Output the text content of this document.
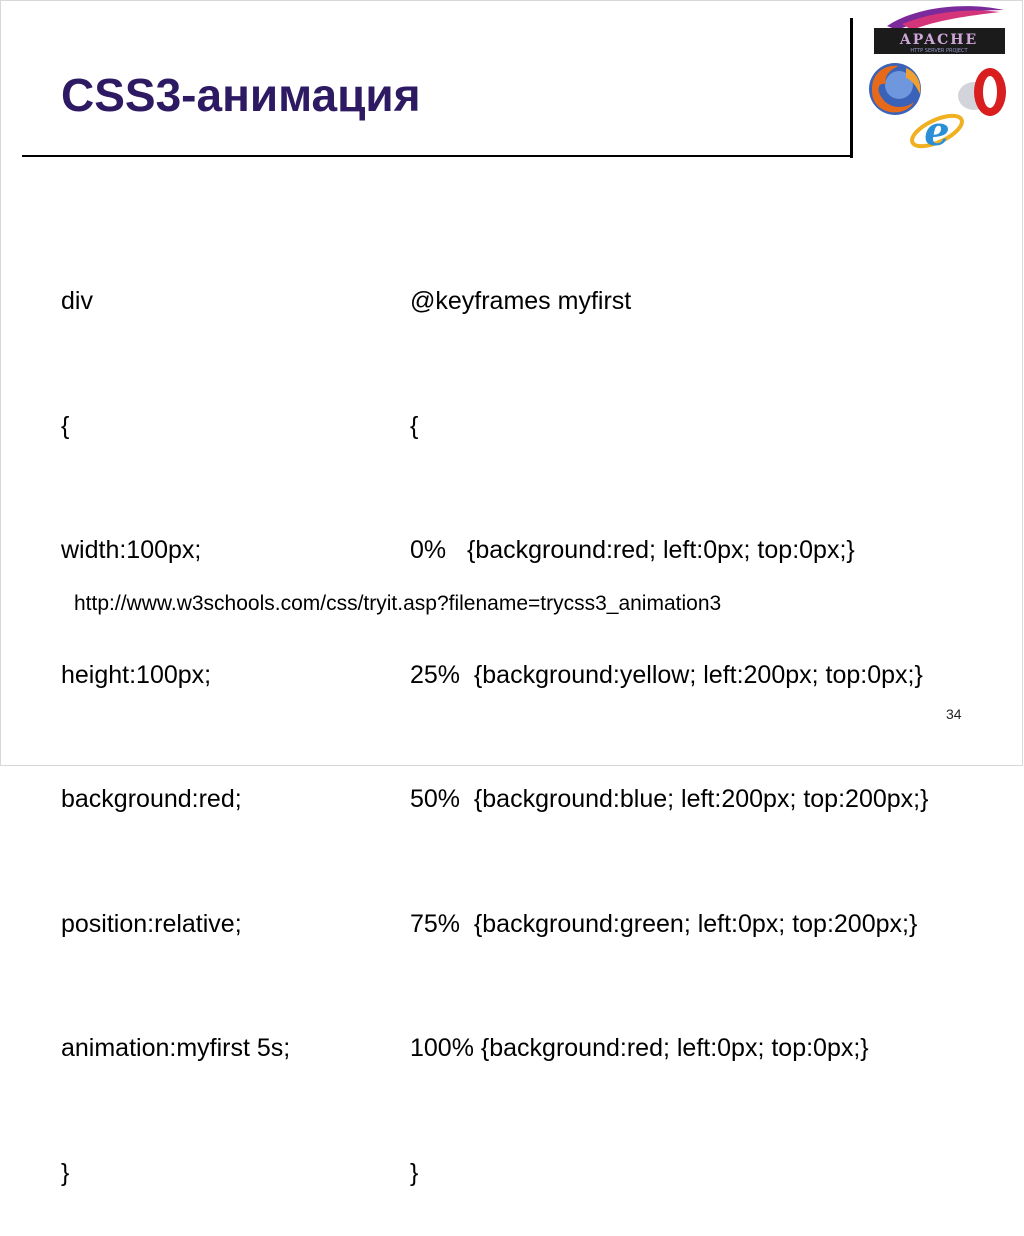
CSS3-анимация
APACHE
HTTP SERVER PROJECT
e

div

{

width:100px;

height:100px;

background:red;

position:relative;

animation:myfirst 5s;

}

@keyframes myfirst

{

0%   {background:red; left:0px; top:0px;}

25%  {background:yellow; left:200px; top:0px;}

50%  {background:blue; left:200px; top:200px;}

75%  {background:green; left:0px; top:200px;}

100% {background:red; left:0px; top:0px;}

}

http://www.w3schools.com/css/tryit.asp?filename=trycss3_animation3
34
